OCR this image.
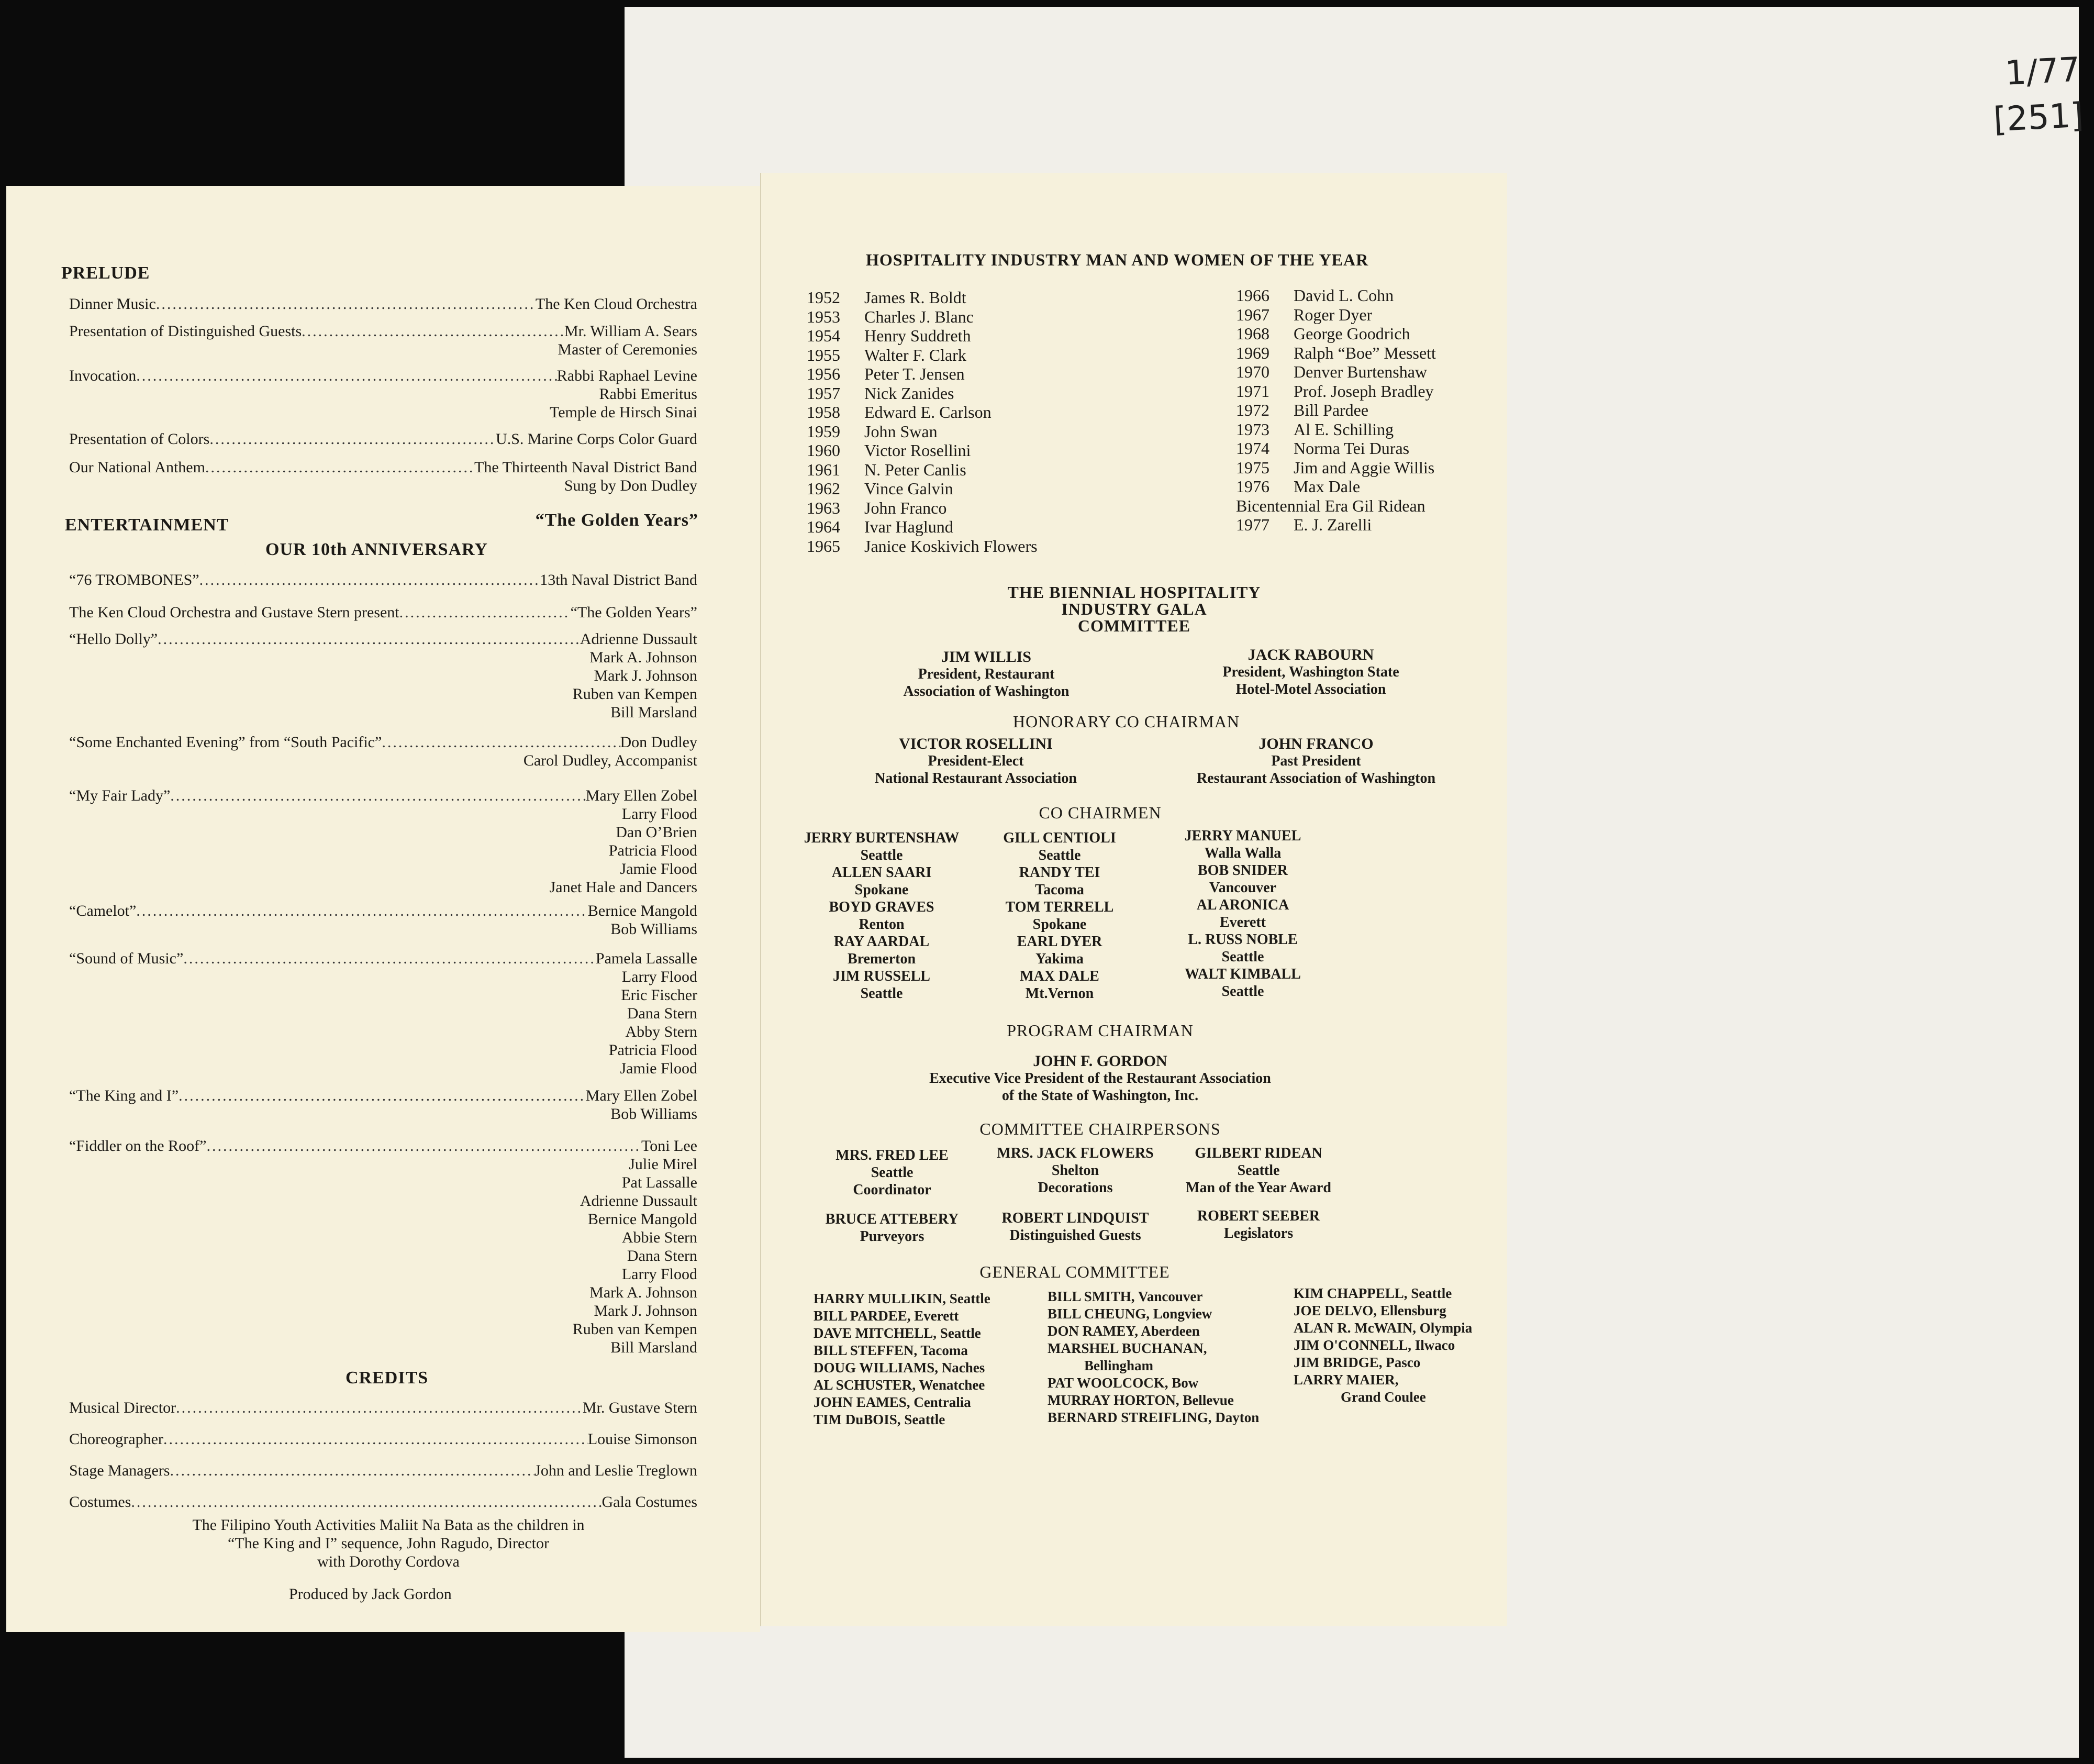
1/77
[251]
PRELUDE
Dinner Music .....	The Ken Cloud Orchestra
Presentation of Distinguished Guests .....	Mr. William A. Sears
Master of Ceremonies
Invocation .....	Rabbi Raphael Levine
Rabbi Emeritus
Temple de Hirsch Sinai
Presentation of Colors .....	U.S. Marine Corps Color Guard
Our National Anthem .....	The Thirteenth Naval District Band
Sung by Don Dudley
ENTERTAINMENT	“The Golden Years”
OUR 10th ANNIVERSARY
“76 TROMBONES” .....	13th Naval District Band
The Ken Cloud Orchestra and Gustave Stern present .....	“The Golden Years”
“Hello Dolly” .....	Adrienne Dussault
Mark A. Johnson
Mark J. Johnson
Ruben van Kempen
Bill Marsland
“Some Enchanted Evening” from “South Pacific” .....	Don Dudley
Carol Dudley, Accompanist
“My Fair Lady” .....	Mary Ellen Zobel
Larry Flood
Dan O’Brien
Patricia Flood
Jamie Flood
Janet Hale and Dancers
“Camelot” .....	Bernice Mangold
Bob Williams
“Sound of Music” .....	Pamela Lassalle
Larry Flood
Eric Fischer
Dana Stern
Abby Stern
Patricia Flood
Jamie Flood
“The King and I” .....	Mary Ellen Zobel
Bob Williams
“Fiddler on the Roof” .....	Toni Lee
Julie Mirel
Pat Lassalle
Adrienne Dussault
Bernice Mangold
Abbie Stern
Dana Stern
Larry Flood
Mark A. Johnson
Mark J. Johnson
Ruben van Kempen
Bill Marsland
CREDITS
Musical Director .....	Mr. Gustave Stern
Choreographer .....	Louise Simonson
Stage Managers .....	John and Leslie Treglown
Costumes .....	Gala Costumes
The Filipino Youth Activities Maliit Na Bata as the children in
“The King and I” sequence, John Ragudo, Director
with Dorothy Cordova
Produced by Jack Gordon
HOSPITALITY INDUSTRY MAN AND WOMEN OF THE YEAR
1952	James R. Boldt
1953	Charles J. Blanc
1954	Henry Suddreth
1955	Walter F. Clark
1956	Peter T. Jensen
1957	Nick Zanides
1958	Edward E. Carlson
1959	John Swan
1960	Victor Rosellini
1961	N. Peter Canlis
1962	Vince Galvin
1963	John Franco
1964	Ivar Haglund
1965	Janice Koskivich Flowers
1966	David L. Cohn
1967	Roger Dyer
1968	George Goodrich
1969	Ralph “Boe” Messett
1970	Denver Burtenshaw
1971	Prof. Joseph Bradley
1972	Bill Pardee
1973	Al E. Schilling
1974	Norma Tei Duras
1975	Jim and Aggie Willis
1976	Max Dale
Bicentennial Era Gil Ridean
1977	E. J. Zarelli
THE BIENNIAL HOSPITALITY
INDUSTRY GALA
COMMITTEE
JIM WILLIS
President, Restaurant
Association of Washington
JACK RABOURN
President, Washington State
Hotel-Motel Association
HONORARY CO CHAIRMAN
VICTOR ROSELLINI
President-Elect
National Restaurant Association
JOHN FRANCO
Past President
Restaurant Association of Washington
CO CHAIRMEN
JERRY BURTENSHAW
Seattle
ALLEN SAARI
Spokane
BOYD GRAVES
Renton
RAY AARDAL
Bremerton
JIM RUSSELL
Seattle
GILL CENTIOLI
Seattle
RANDY TEI
Tacoma
TOM TERRELL
Spokane
EARL DYER
Yakima
MAX DALE
Mt.Vernon
JERRY MANUEL
Walla Walla
BOB SNIDER
Vancouver
AL ARONICA
Everett
L. RUSS NOBLE
Seattle
WALT KIMBALL
Seattle
PROGRAM CHAIRMAN
JOHN F. GORDON
Executive Vice President of the Restaurant Association
of the State of Washington, Inc.
COMMITTEE CHAIRPERSONS
MRS. FRED LEE
Seattle
Coordinator
MRS. JACK FLOWERS
Shelton
Decorations
GILBERT RIDEAN
Seattle
Man of the Year Award
BRUCE ATTEBERY
Purveyors
ROBERT LINDQUIST
Distinguished Guests
ROBERT SEEBER
Legislators
GENERAL COMMITTEE
HARRY MULLIKIN, Seattle
BILL PARDEE, Everett
DAVE MITCHELL, Seattle
BILL STEFFEN, Tacoma
DOUG WILLIAMS, Naches
AL SCHUSTER, Wenatchee
JOHN EAMES, Centralia
TIM DuBOIS, Seattle
BILL SMITH, Vancouver
BILL CHEUNG, Longview
DON RAMEY, Aberdeen
MARSHEL BUCHANAN,
Bellingham
PAT WOOLCOCK, Bow
MURRAY HORTON, Bellevue
BERNARD STREIFLING, Dayton
KIM CHAPPELL, Seattle
JOE DELVO, Ellensburg
ALAN R. McWAIN, Olympia
JIM O'CONNELL, Ilwaco
JIM BRIDGE, Pasco
LARRY MAIER,
Grand Coulee
